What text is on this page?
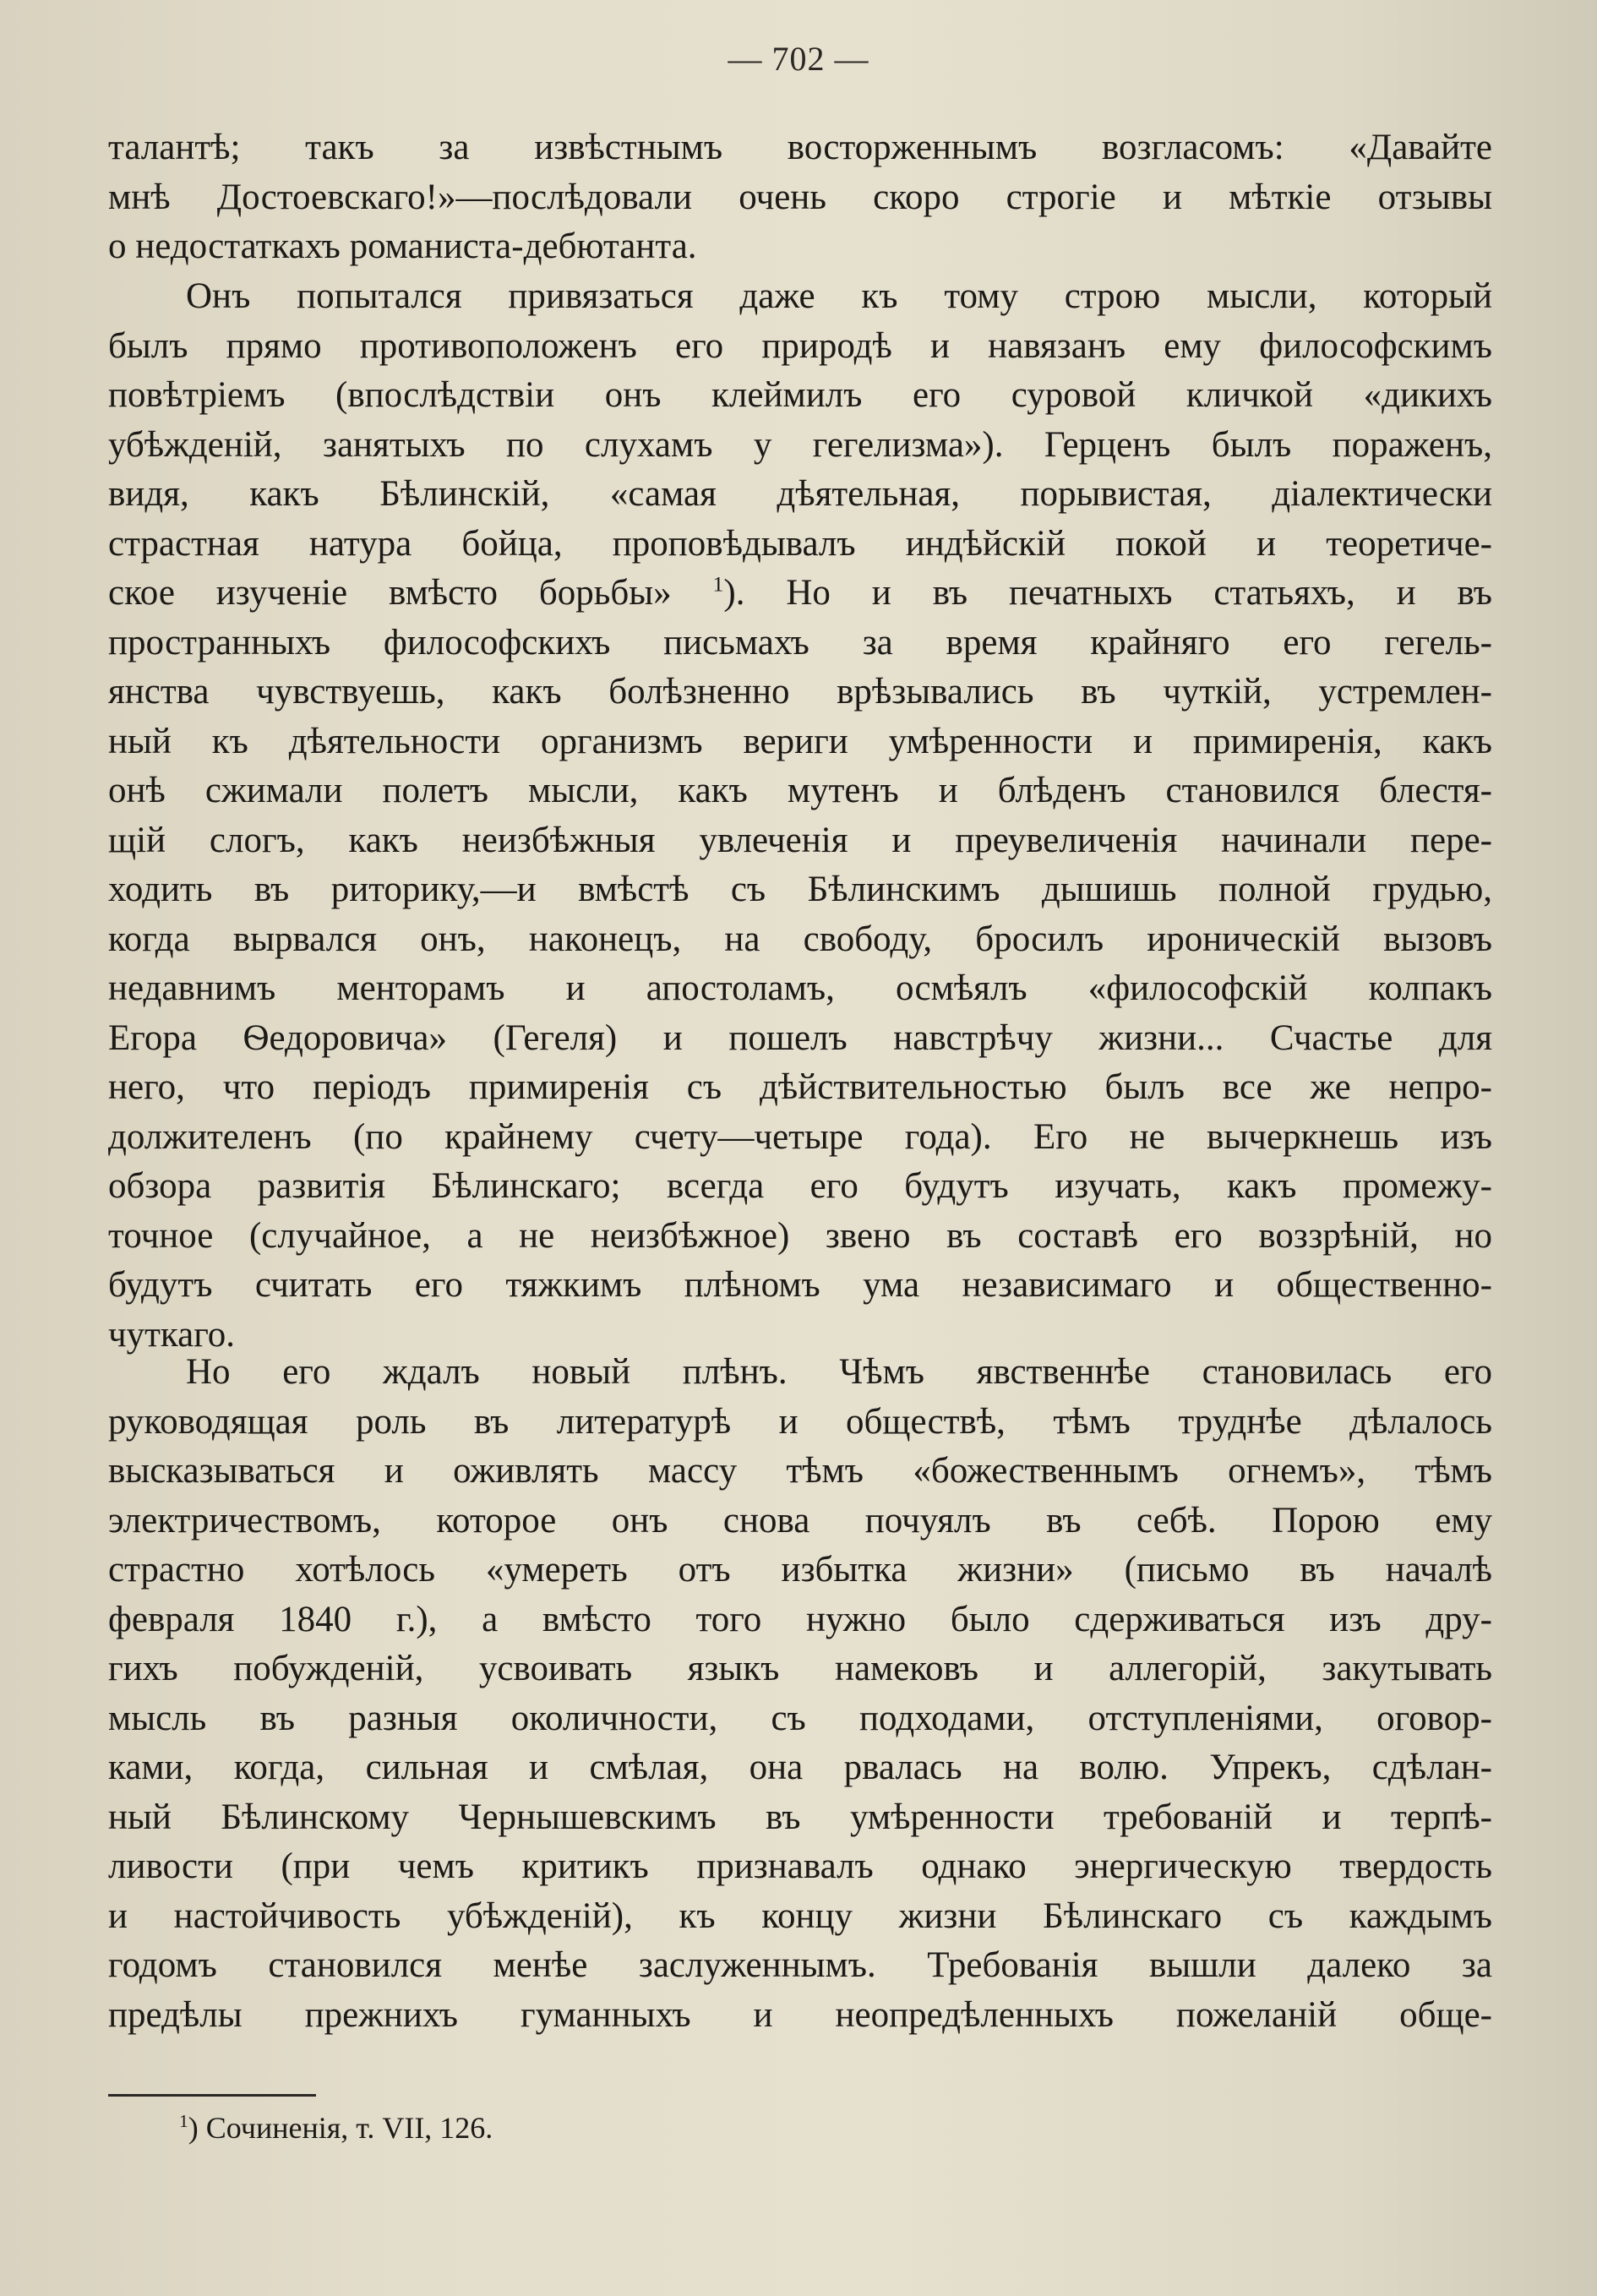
— 702 —
талантѣ; такъ за извѣстнымъ восторженнымъ возгласомъ: «Давайте
мнѣ Достоевскаго!»—послѣдовали очень скоро строгіе и мѣткіе отзывы
о недостаткахъ романиста-дебютанта.
Онъ попытался привязаться даже къ тому строю мысли, который
былъ прямо противоположенъ его природѣ и навязанъ ему философскимъ
повѣтріемъ (впослѣдствіи онъ клеймилъ его суровой кличкой «дикихъ
убѣжденій, занятыхъ по слухамъ у гегелизма»). Герценъ былъ пораженъ,
видя, какъ Бѣлинскій, «самая дѣятельная, порывистая, діалектически
страстная натура бойца, проповѣдывалъ индѣйскій покой и теоретиче-
ское изученіе вмѣсто борьбы» $^1$). Но и въ печатныхъ статьяхъ, и въ
пространныхъ философскихъ письмахъ за время крайняго его гегель-
янства чувствуешь, какъ болѣзненно врѣзывались въ чуткій, устремлен-
ный къ дѣятельности организмъ вериги умѣренности и примиренія, какъ
онѣ сжимали полетъ мысли, какъ мутенъ и блѣденъ становился блестя-
щій слогъ, какъ неизбѣжныя увлеченія и преувеличенія начинали пере-
ходить въ риторику,—и вмѣстѣ съ Бѣлинскимъ дышишь полной грудью,
когда вырвался онъ, наконецъ, на свободу, бросилъ ироническій вызовъ
недавнимъ менторамъ и апостоламъ, осмѣялъ «философскій колпакъ
Егора Ѳедоровича» (Гегеля) и пошелъ навстрѣчу жизни... Счастье для
него, что періодъ примиренія съ дѣйствительностью былъ все же непро-
должителенъ (по крайнему счету—четыре года). Его не вычеркнешь изъ
обзора развитія Бѣлинскаго; всегда его будутъ изучать, какъ промежу-
точное (случайное, а не неизбѣжное) звено въ составѣ его воззрѣній, но
будутъ считать его тяжкимъ плѣномъ ума независимаго и общественно-
чуткаго.
Но его ждалъ новый плѣнъ. Чѣмъ явственнѣе становилась его
руководящая роль въ литературѣ и обществѣ, тѣмъ труднѣе дѣлалось
высказываться и оживлять массу тѣмъ «божественнымъ огнемъ», тѣмъ
электричествомъ, которое онъ снова почуялъ въ себѣ. Порою ему
страстно хотѣлось «умереть отъ избытка жизни» (письмо въ началѣ
февраля 1840 г.), а вмѣсто того нужно было сдерживаться изъ дру-
гихъ побужденій, усвоивать языкъ намековъ и аллегорій, закутывать
мысль въ разныя околичности, съ подходами, отступленіями, оговор-
ками, когда, сильная и смѣлая, она рвалась на волю. Упрекъ, сдѣлан-
ный Бѣлинскому Чернышевскимъ въ умѣренности требованій и терпѣ-
ливости (при чемъ критикъ признавалъ однако энергическую твердость
и настойчивость убѣжденій), къ концу жизни Бѣлинскаго съ каждымъ
годомъ становился менѣе заслуженнымъ. Требованія вышли далеко за
предѣлы прежнихъ гуманныхъ и неопредѣленныхъ пожеланій обще-
$^1$) Сочиненія, т. VII, 126.
